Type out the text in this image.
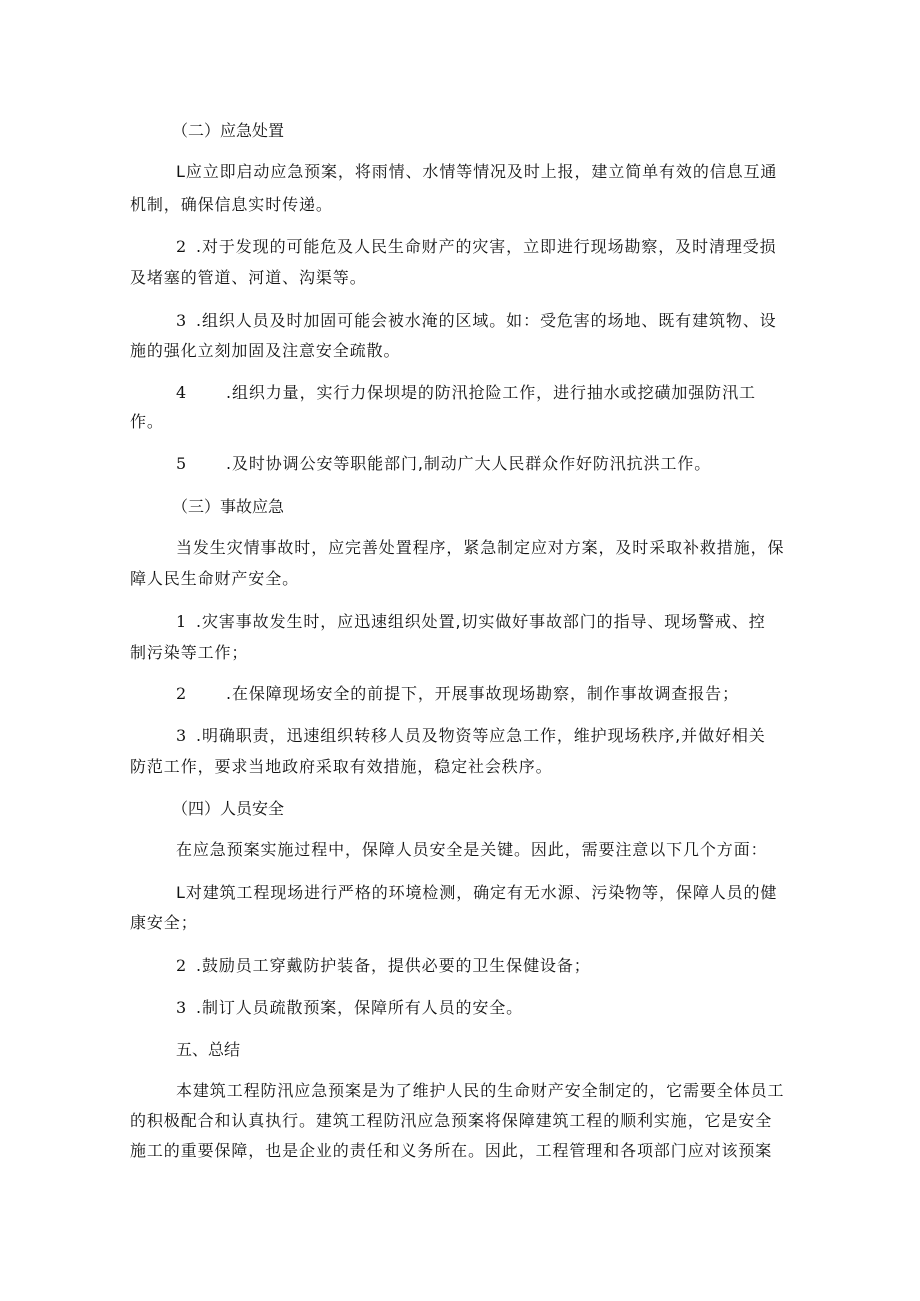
（二）应急处置
L应立即启动应急预案，将雨情、水情等情况及时上报，建立简单有效的信息互通
机制，确保信息实时传递。
2 .对于发现的可能危及人民生命财产的灾害，立即进行现场勘察，及时清理受损
及堵塞的管道、河道、沟渠等。
3 .组织人员及时加固可能会被水淹的区域。如：受危害的场地、既有建筑物、设
施的强化立刻加固及注意安全疏散。
4 .组织力量，实行力保坝堤的防汛抢险工作，进行抽水或挖磺加强防汛工
作。
5 .及时协调公安等职能部门,制动广大人民群众作好防汛抗洪工作。
（三）事故应急
当发生灾情事故时，应完善处置程序，紧急制定应对方案，及时采取补救措施，保
障人民生命财产安全。
1 .灾害事故发生时，应迅速组织处置,切实做好事故部门的指导、现场警戒、控
制污染等工作；
2 .在保障现场安全的前提下，开展事故现场勘察，制作事故调查报告；
3 .明确职责，迅速组织转移人员及物资等应急工作，维护现场秩序,并做好相关
防范工作，要求当地政府采取有效措施，稳定社会秩序。
（四）人员安全
在应急预案实施过程中，保障人员安全是关键。因此，需要注意以下几个方面：
L对建筑工程现场进行严格的环境检测，确定有无水源、污染物等，保障人员的健
康安全；
2 .鼓励员工穿戴防护装备，提供必要的卫生保健设备；
3 .制订人员疏散预案，保障所有人员的安全。
五、总结
本建筑工程防汛应急预案是为了维护人民的生命财产安全制定的，它需要全体员工
的积极配合和认真执行。建筑工程防汛应急预案将保障建筑工程的顺利实施，它是安全
施工的重要保障，也是企业的责任和义务所在。因此，工程管理和各项部门应对该预案
